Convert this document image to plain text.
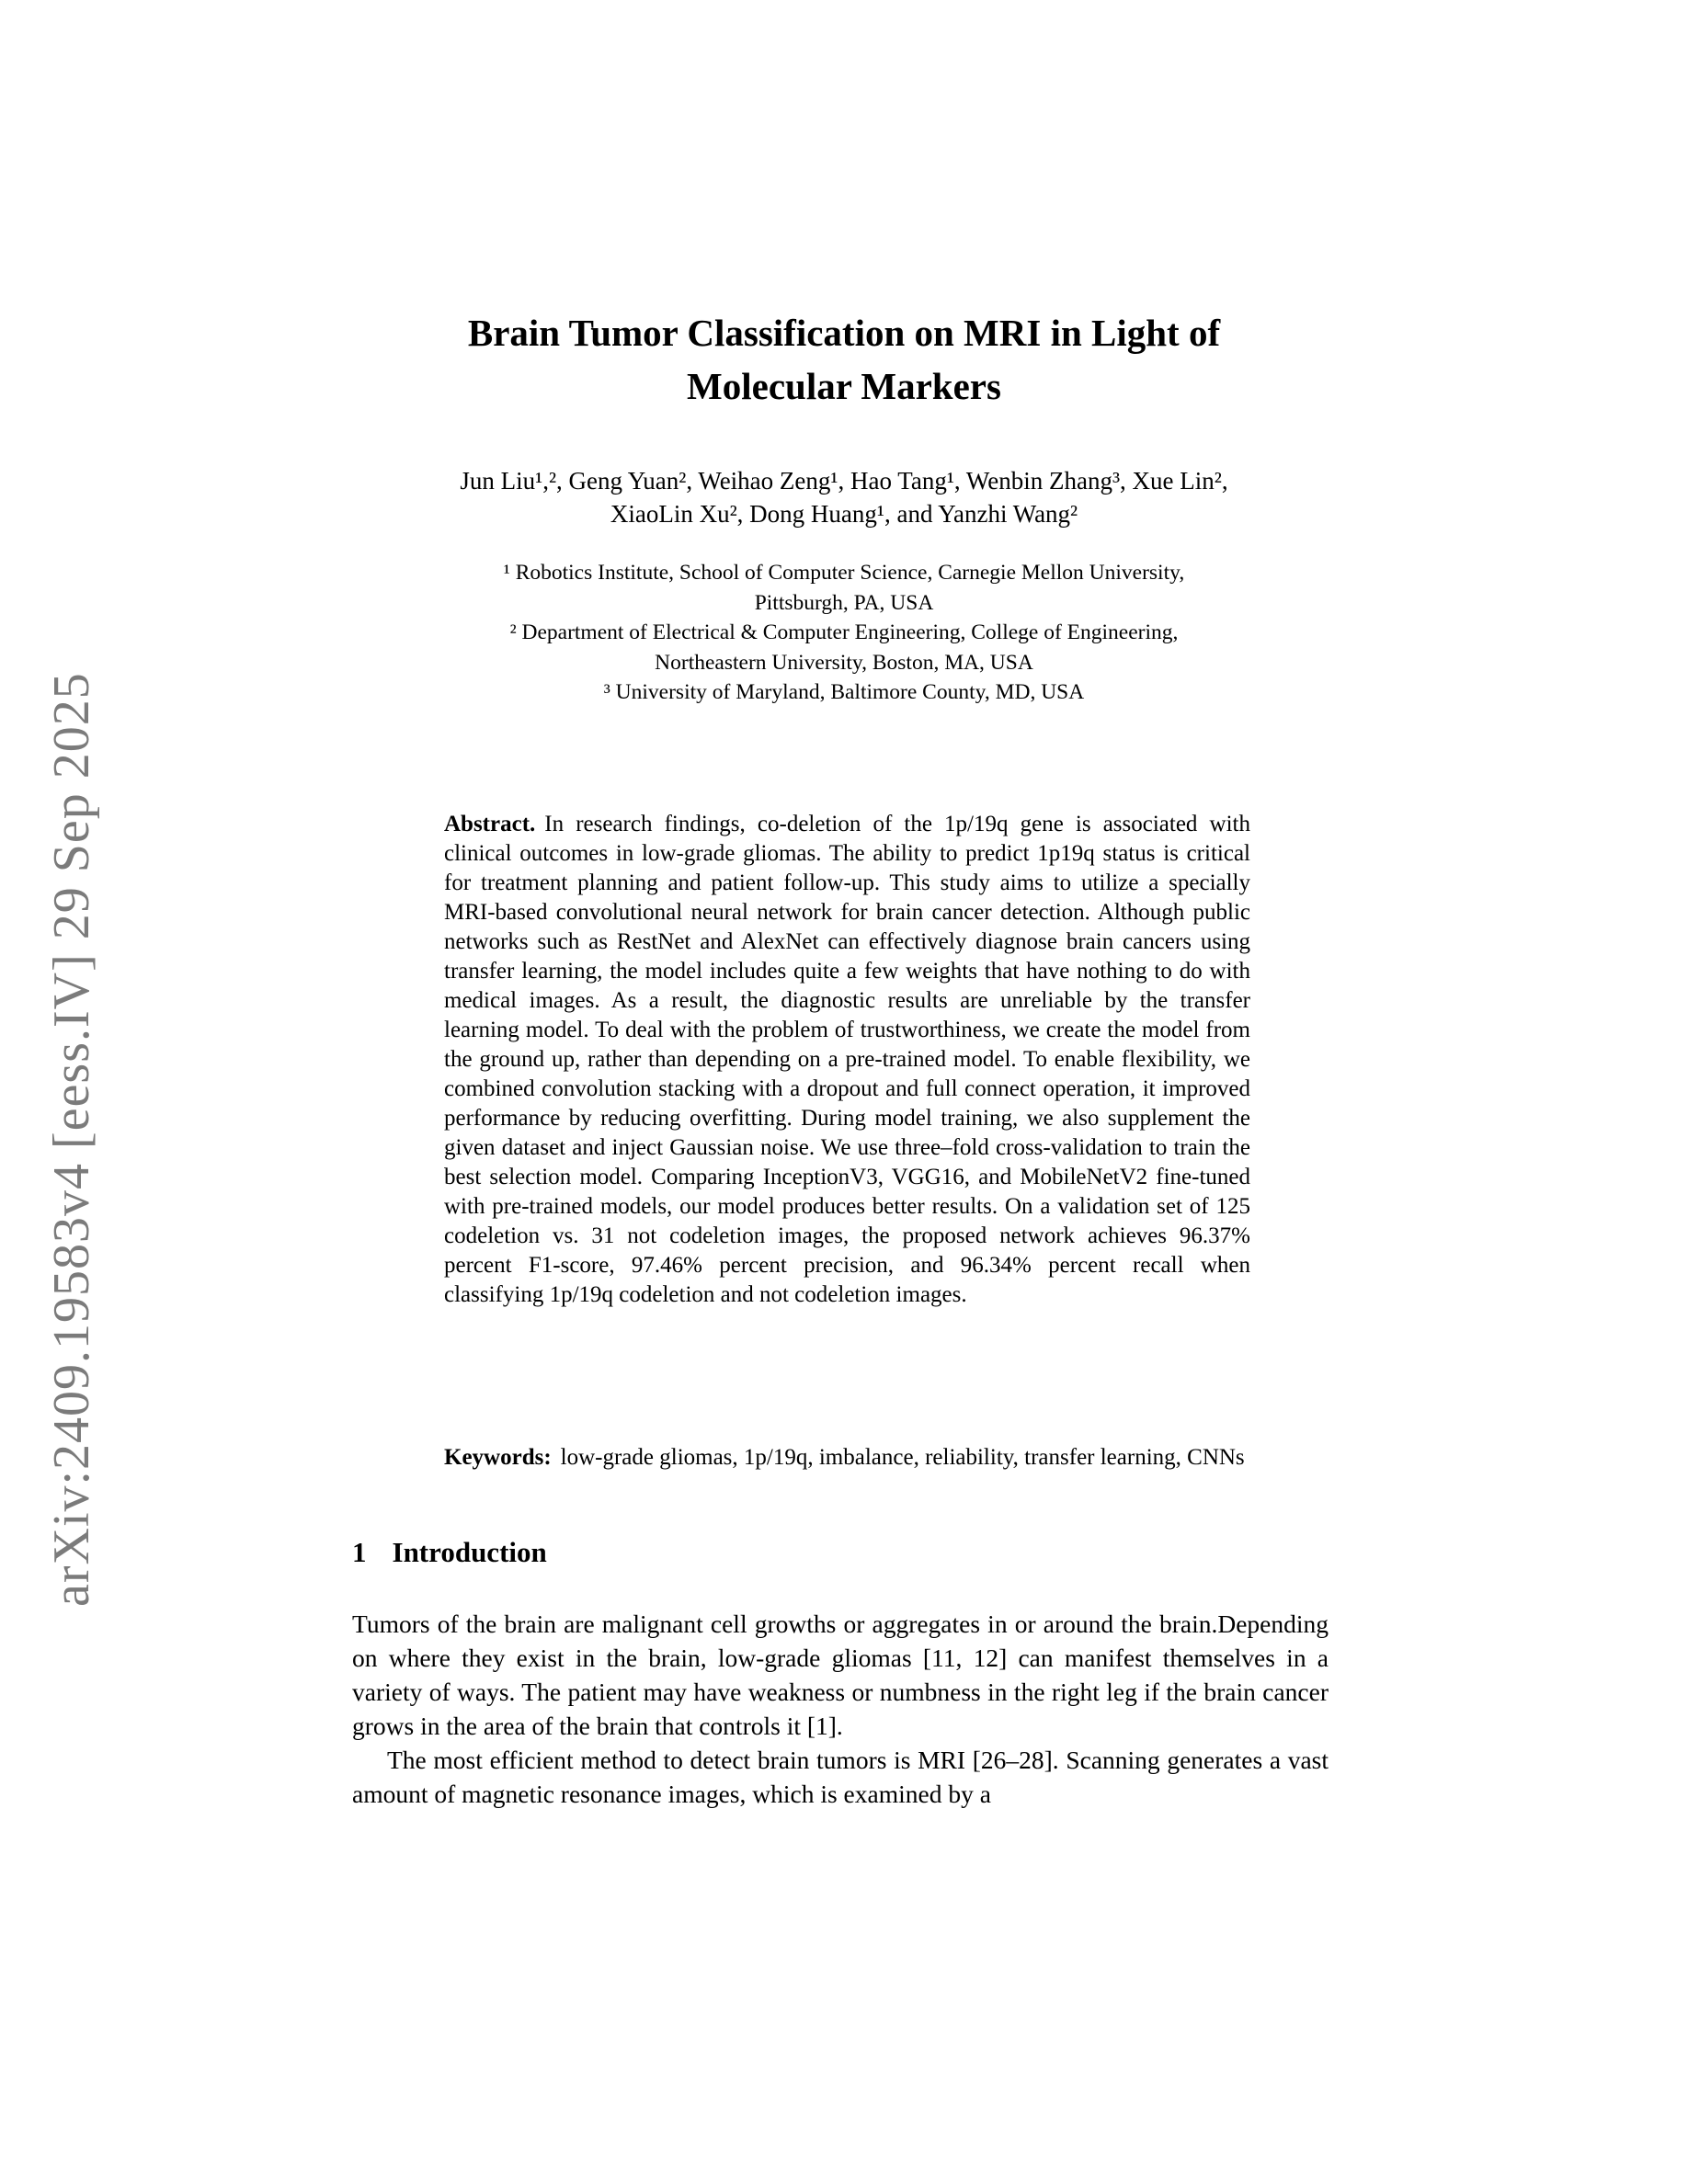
arXiv:2409.19583v4 [eess.IV] 29 Sep 2025
Brain Tumor Classification on MRI in Light of
Molecular Markers
Jun Liu¹,², Geng Yuan², Weihao Zeng¹, Hao Tang¹, Wenbin Zhang³, Xue Lin²,
XiaoLin Xu², Dong Huang¹, and Yanzhi Wang²
¹ Robotics Institute, School of Computer Science, Carnegie Mellon University,
Pittsburgh, PA, USA
² Department of Electrical & Computer Engineering, College of Engineering,
Northeastern University, Boston, MA, USA
³ University of Maryland, Baltimore County, MD, USA

Abstract. In research findings, co-deletion of the 1p/19q gene is associated with clinical outcomes in low-grade gliomas. The ability to predict 1p19q status is critical for treatment planning and patient follow-up. This study aims to utilize a specially MRI-based convolutional neural network for brain cancer detection. Although public networks such as RestNet and AlexNet can effectively diagnose brain cancers using transfer learning, the model includes quite a few weights that have nothing to do with medical images. As a result, the diagnostic results are unreliable by the transfer learning model. To deal with the problem of trustworthiness, we create the model from the ground up, rather than depending on a pre-trained model. To enable flexibility, we combined convolution stacking with a dropout and full connect operation, it improved performance by reducing overfitting. During model training, we also supplement the given dataset and inject Gaussian noise. We use three–fold cross-validation to train the best selection model. Comparing InceptionV3, VGG16, and MobileNetV2 fine-tuned with pre-trained models, our model produces better results. On a validation set of 125 codeletion vs. 31 not codeletion images, the proposed network achieves 96.37% percent F1-score, 97.46% percent precision, and 96.34% percent recall when classifying 1p/19q codeletion and not codeletion images.

Keywords: low-grade gliomas, 1p/19q, imbalance, reliability, transfer learning, CNNs

1 Introduction

Tumors of the brain are malignant cell growths or aggregates in or around the brain.Depending on where they exist in the brain, low-grade gliomas [11, 12] can manifest themselves in a variety of ways. The patient may have weakness or numbness in the right leg if the brain cancer grows in the area of the brain that controls it [1].

The most efficient method to detect brain tumors is MRI [26–28]. Scanning generates a vast amount of magnetic resonance images, which is examined by a
